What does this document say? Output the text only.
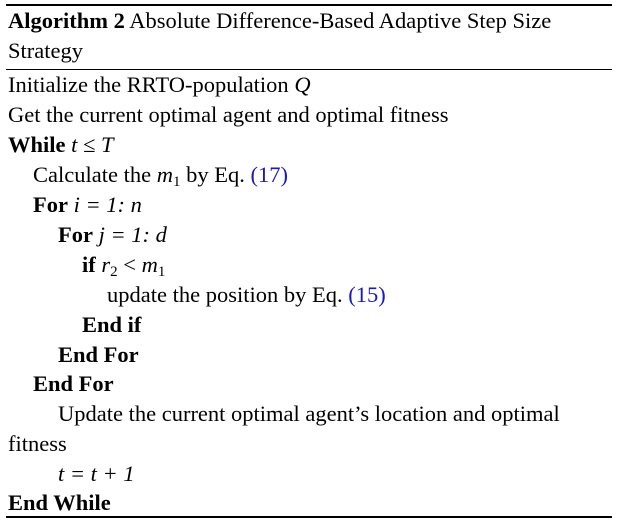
Algorithm 2 Absolute Difference-Based Adaptive Step Size
Strategy
Initialize the RRTO-population Q
Get the current optimal agent and optimal fitness
While t ≤ T
Calculate the $m_1$ by Eq. (17)
For i = 1: n
For j = 1: d
if $r_2 < m_1$
update the position by Eq. (15)
End if
End For
End For
Update the current optimal agent’s location and optimal
fitness
t = t + 1
End While
